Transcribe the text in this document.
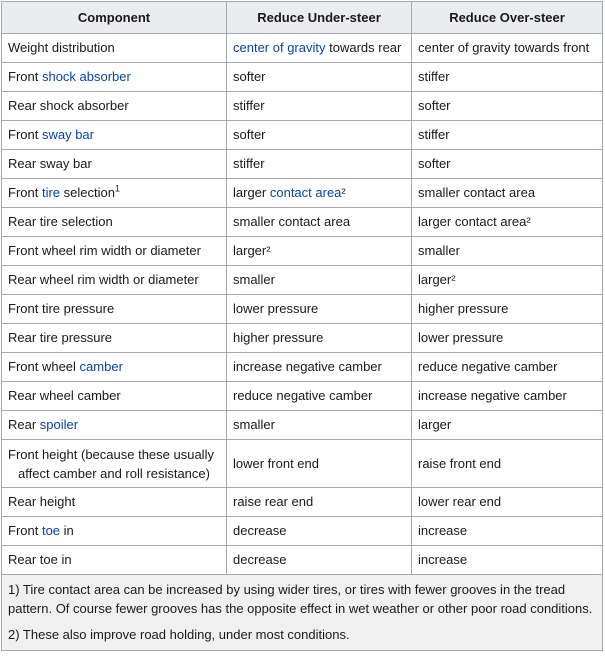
Component	Reduce Under-steer	Reduce Over-steer
Weight distribution	center of gravity towards rear	center of gravity towards front
Front shock absorber	softer	stiffer
Rear shock absorber	stiffer	softer
Front sway bar	softer	stiffer
Rear sway bar	stiffer	softer
Front tire selection$^1$	larger contact area²	smaller contact area
Rear tire selection	smaller contact area	larger contact area²
Front wheel rim width or diameter	larger²	smaller
Rear wheel rim width or diameter	smaller	larger²
Front tire pressure	lower pressure	higher pressure
Rear tire pressure	higher pressure	lower pressure
Front wheel camber	increase negative camber	reduce negative camber
Rear wheel camber	reduce negative camber	increase negative camber
Rear spoiler	smaller	larger
Front height (because these usually
affect camber and roll resistance)	lower front end	raise front end
Rear height	raise rear end	lower rear end
Front toe in	decrease	increase
Rear toe in	decrease	increase

1) Tire contact area can be increased by using wider tires, or tires with fewer grooves in the tread pattern. Of course fewer grooves has the opposite effect in wet weather or other poor road conditions.
2) These also improve road holding, under most conditions.		
